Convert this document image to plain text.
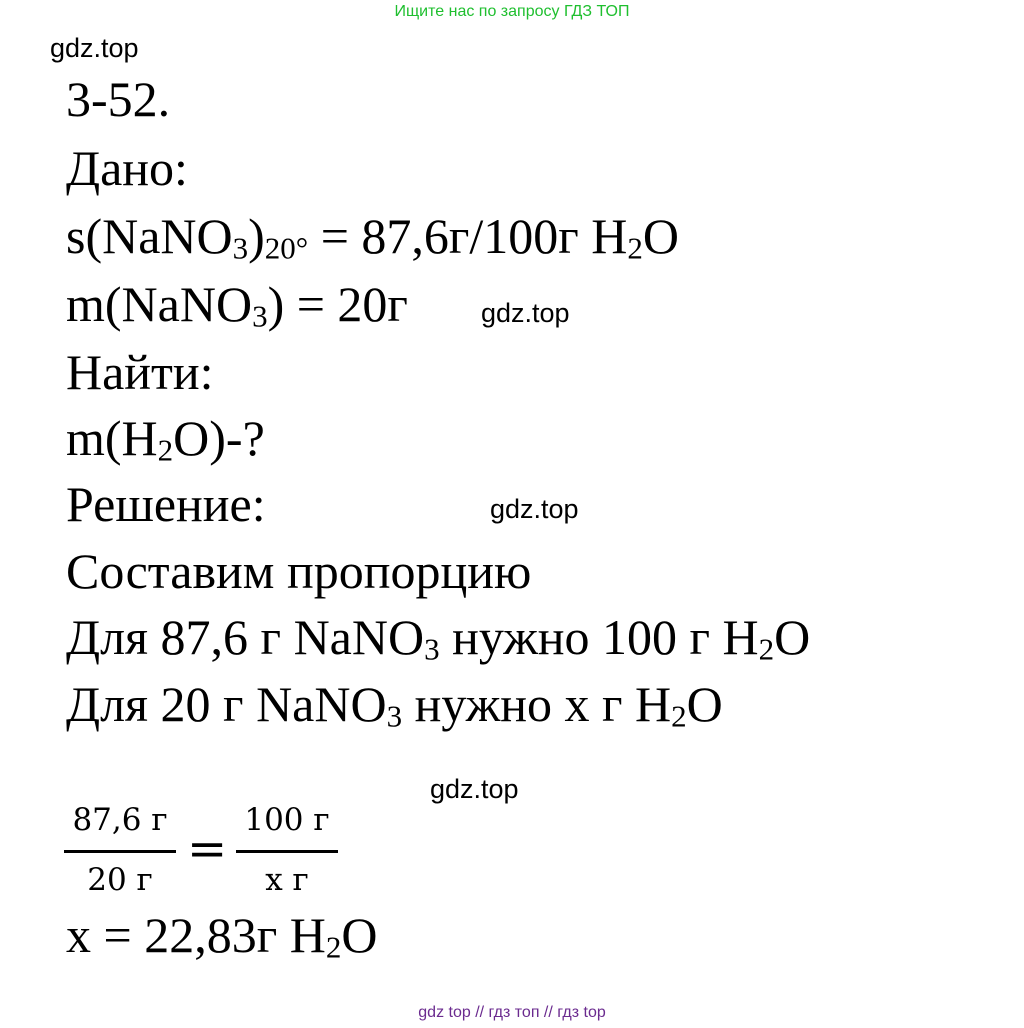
Ищите нас по запросу ГДЗ ТОП
gdz.top
gdz.top
gdz.top
gdz.top
3-52.
Дано:
s(NaNO3)20° = 87,6г/100г H2O
m(NaNO3) = 20г
Найти:
m(H2O)-?
Решение:
Составим пропорцию
Для 87,6 г NaNO3 нужно 100 г H2O
Для 20 г NaNO3 нужно х г H2O
87,6 г
20 г
=
100 г
x г
x = 22,83г H2O
gdz top // гдз топ // гдз top
